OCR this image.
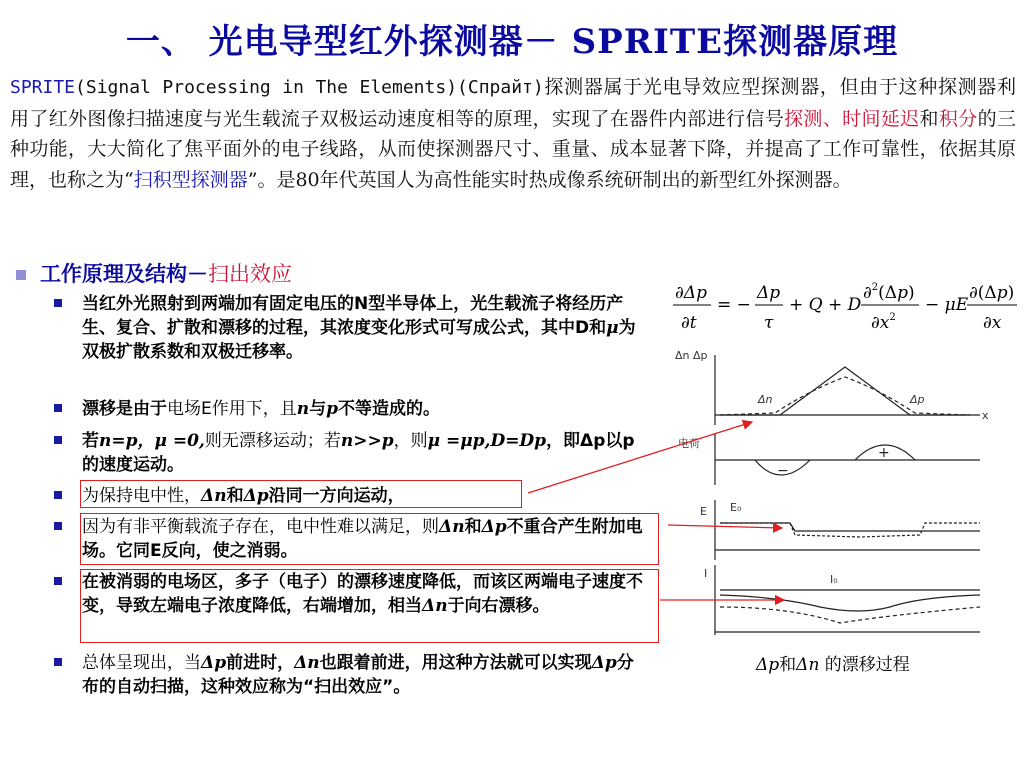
一、 光电导型红外探测器－ SPRITE探测器原理
SPRITE(Signal Processing in The Elements)(Спрайт)探测器属于光电导效应型探测器，但由于这种探测器利用了红外图像扫描速度与光生载流子双极运动速度相等的原理，实现了在器件内部进行信号探测、时间延迟和积分的三种功能，大大简化了焦平面外的电子线路，从而使探测器尺寸、重量、成本显著下降，并提高了工作可靠性，依据其原理，也称之为“扫积型探测器”。是80年代英国人为高性能实时热成像系统研制出的新型红外探测器。
工作原理及结构－扫出效应
当红外光照射到两端加有固定电压的N型半导体上，光生载流子将经历产生、复合、扩散和漂移的过程，其浓度变化形式可写成公式，其中D和μ为双极扩散系数和双极迁移率。
漂移是由于电场E作用下，且n与p不等造成的。
若n=p，μ =0,则无漂移运动；若n>>p，则μ =μp,D=Dp，即Δp以p的速度运动。
为保持电中性，Δn和Δp沿同一方向运动，
因为有非平衡载流子存在，电中性难以满足，则Δn和Δp不重合产生附加电场。它同E反向，使之消弱。
在被消弱的电场区，多子（电子）的漂移速度降低，而该区两端电子速度不变，导致左端电子浓度降低，右端增加，相当Δn于向右漂移。
总体呈现出，当Δp前进时，Δn也跟着前进，用这种方法就可以实现Δp分布的自动扫描，这种效应称为“扫出效应”。
∂Δp
∂t
= −
Δp
τ
+ Q + D
∂$^2$(Δp)
$\partial x^2$
− μE
∂(Δp)
∂x
Δn Δp
Δn	Δp
x
电荷
−
+
E E₀
I	I₀
Δp和Δn 的漂移过程
